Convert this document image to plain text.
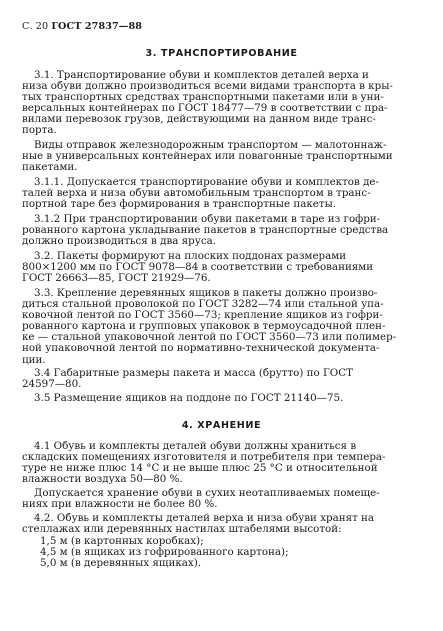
С. 20 ГОСТ 27837—88
3. ТРАНСПОРТИРОВАНИЕ
3.1. Транспортирование обуви и комплектов деталей верха и
низа обуви должно производиться всеми видами транспорта в кры-
тых транспортных средствах транспортными пакетами или в уни-
версальных контейнерах по ГОСТ 18477—79 в соответствии с пра-
вилами перевозок грузов, действующими на данном виде транс-
порта.
Виды отправок железнодорожным транспортом — малотоннаж-
ные в универсальных контейнерах или повагонные транспортными
пакетами.
3.1.1. Допускается транспортирование обуви и комплектов де-
талей верха и низа обуви автомобильным транспортом в транс-
портной таре без формирования в транспортные пакеты.
3.1.2 При транспортировании обуви пакетами в таре из гофри-
рованного картона укладывание пакетов в транспортные средства
должно производиться в два яруса.
3.2. Пакеты формируют на плоских поддонах размерами
800×1200 мм по ГОСТ 9078—84 в соответствии с требованиями
ГОСТ 26663—85, ГОСТ 21929—76.
3.3. Крепление деревянных ящиков в пакеты должно произво-
диться стальной проволокой по ГОСТ 3282—74 или стальной упа-
ковочной лентой по ГОСТ 3560—73; крепление ящиков из гофри-
рованного картона и групповых упаковок в термоусадочной плен-
ке — стальной упаковочной лентой по ГОСТ 3560—73 или полимер-
ной упаковочной лентой по нормативно-технической документа-
ции.
3.4 Габаритные размеры пакета и масса (брутто) по ГОСТ
24597—80.
3.5 Размещение ящиков на поддоне по ГОСТ 21140—75.
4. ХРАНЕНИЕ
4.1 Обувь и комплекты деталей обуви должны храниться в
складских помещениях изготовителя и потребителя при темпера-
туре не ниже плюс 14 °C и не выше плюс 25 °C и относительной
влажности воздуха 50—80 %.
Допускается хранение обуви в сухих неотапливаемых помеще-
ниях при влажности не более 80 %.
4.2. Обувь и комплекты деталей верха и низа обуви хранят на
стеллажах или деревянных настилах штабелями высотой:
1,5 м (в картонных коробках);
4,5 м (в ящиках из гофрированного картона);
5,0 м (в деревянных ящиках).
